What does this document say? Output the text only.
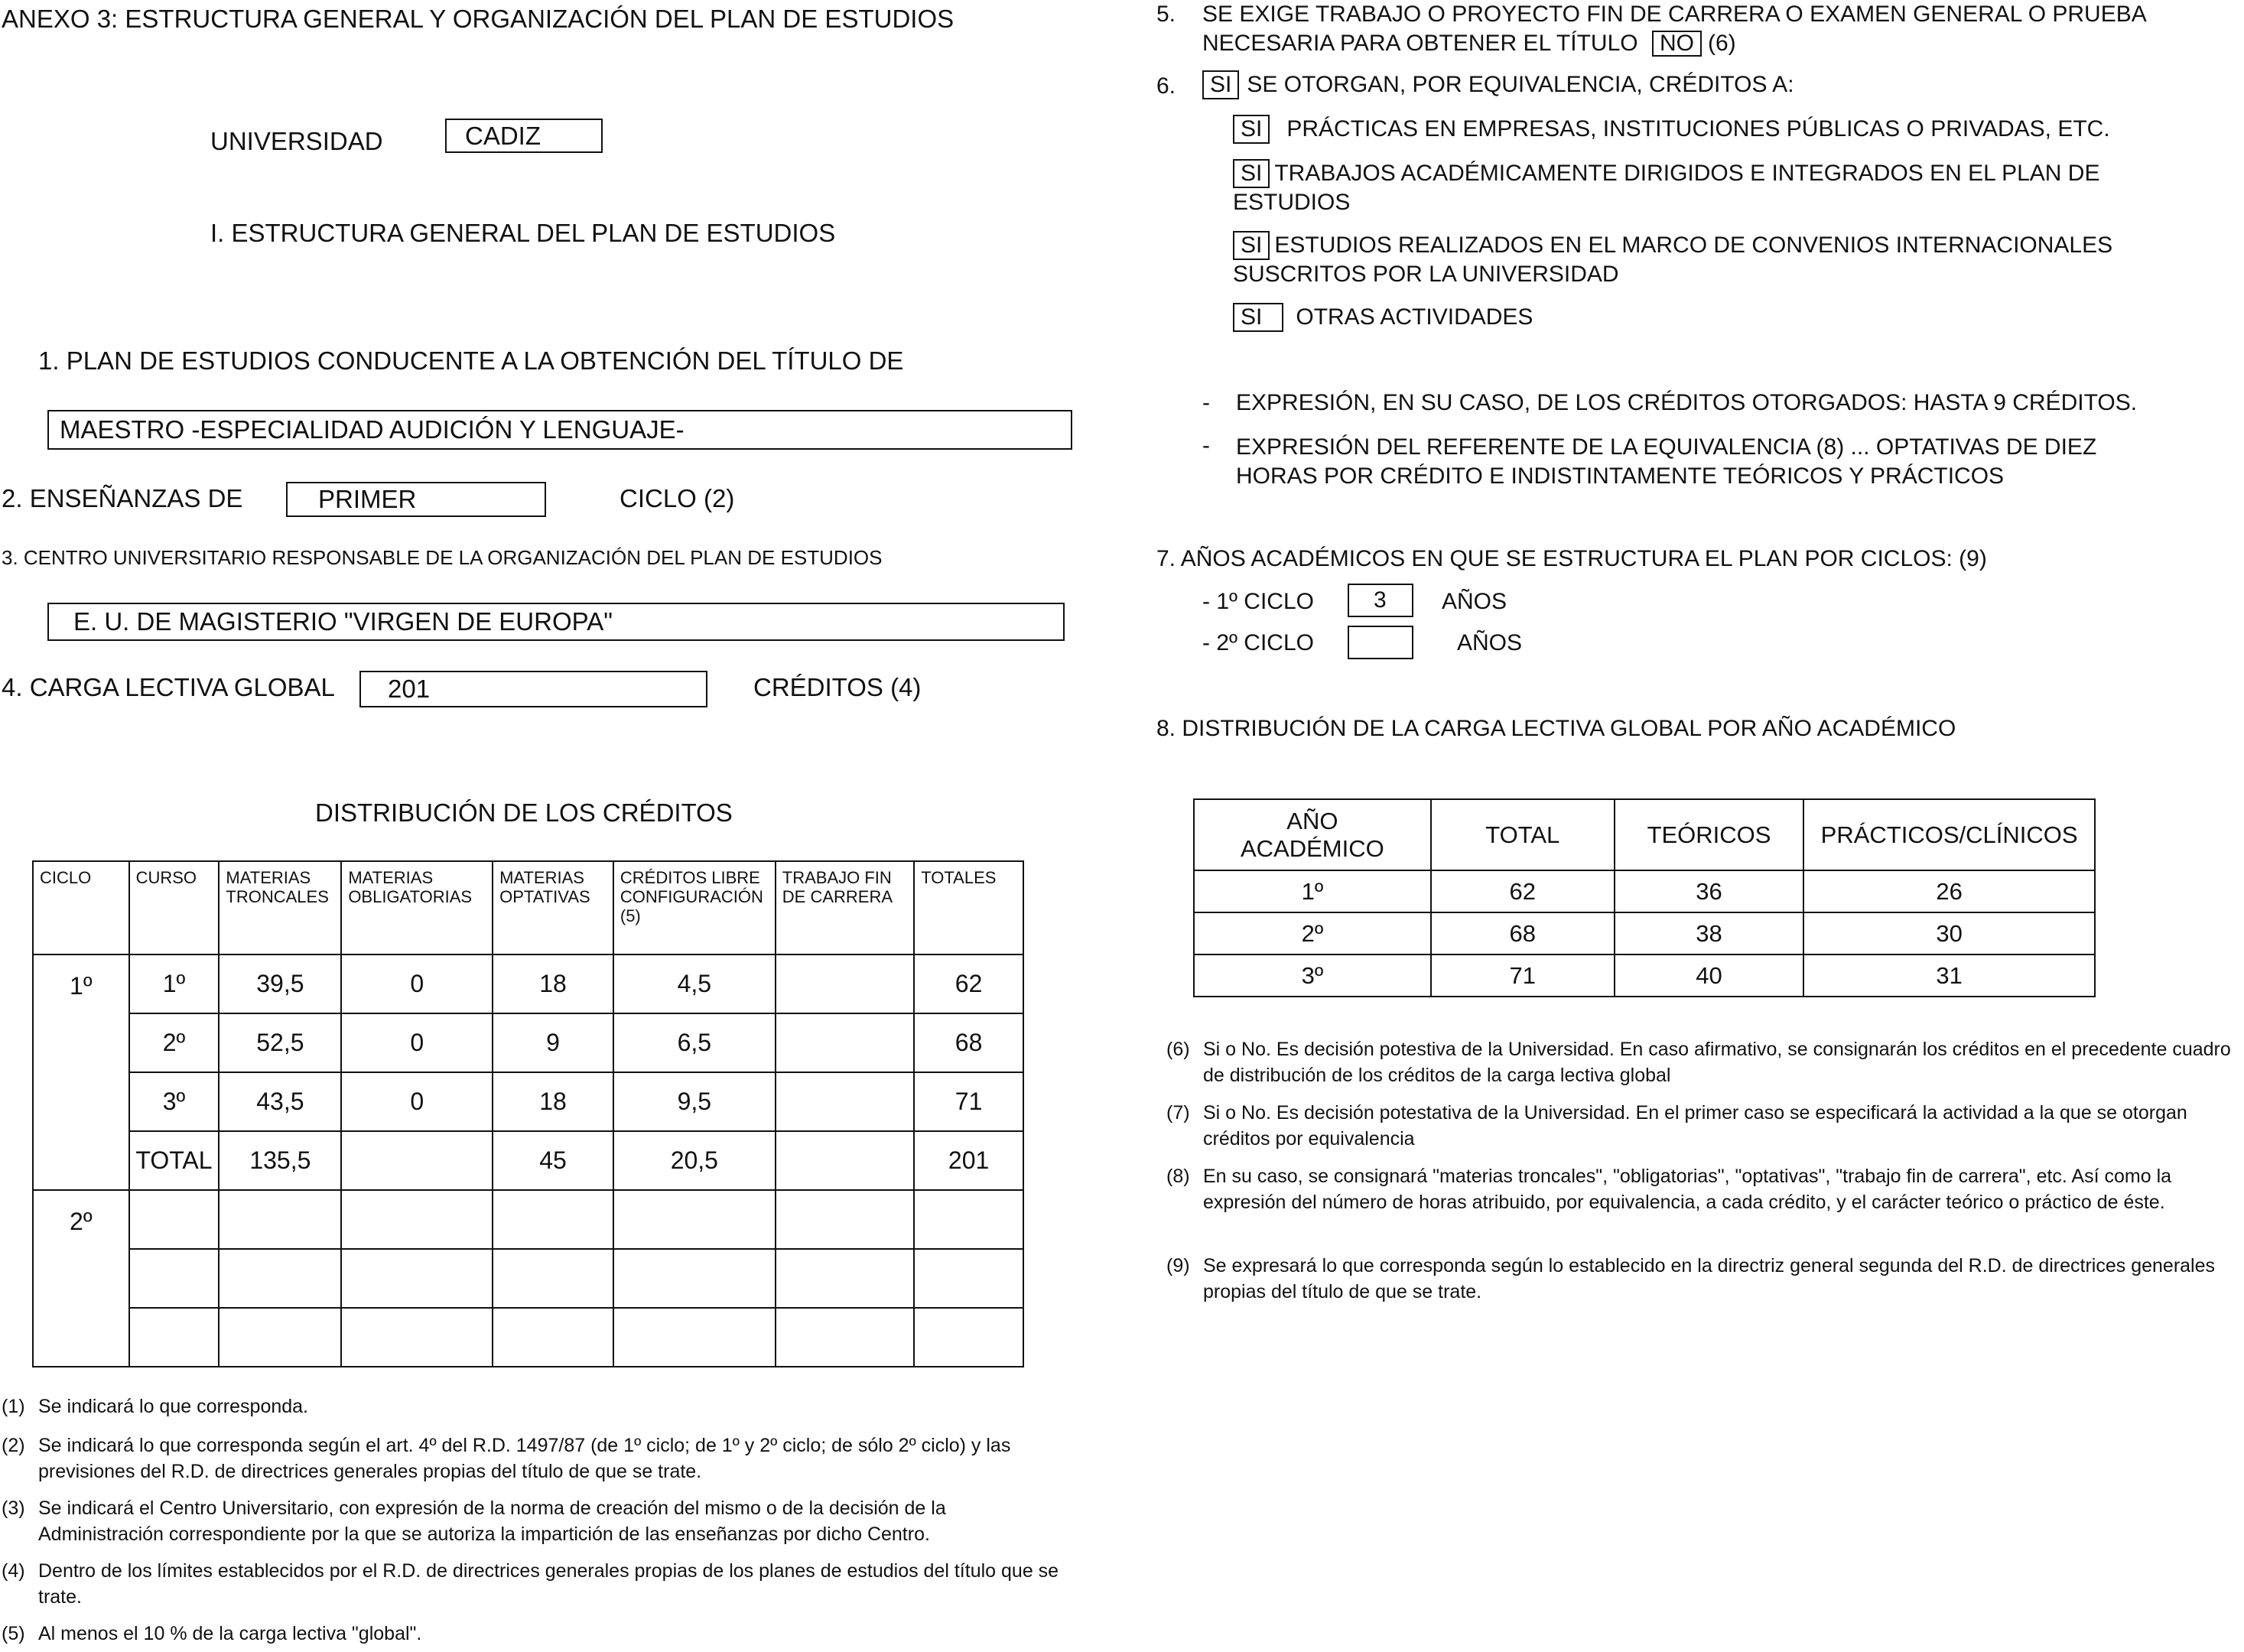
ANEXO 3: ESTRUCTURA GENERAL Y ORGANIZACIÓN DEL PLAN DE ESTUDIOS
UNIVERSIDAD	CADIZ
I. ESTRUCTURA GENERAL DEL PLAN DE ESTUDIOS
1. PLAN DE ESTUDIOS CONDUCENTE A LA OBTENCIÓN DEL TÍTULO DE
MAESTRO -ESPECIALIDAD AUDICIÓN Y LENGUAJE-
2. ENSEÑANZAS DE	PRIMER	CICLO (2)
3. CENTRO UNIVERSITARIO RESPONSABLE DE LA ORGANIZACIÓN DEL PLAN DE ESTUDIOS
E. U. DE MAGISTERIO "VIRGEN DE EUROPA"
4. CARGA LECTIVA GLOBAL 201	CRÉDITOS (4)
DISTRIBUCIÓN DE LOS CRÉDITOS
CICLO	CURSO	MATERIAS TRONCALES	MATERIAS OBLIGATORIAS	MATERIAS OPTATIVAS	CRÉDITOS LIBRE CONFIGURACIÓN (5)	TRABAJO FIN DE CARRERA	TOTALES
1º	1º	39,5	0	18	4,5		62
	2º	52,5	0	9	6,5		68
	3º	43,5	0	18	9,5		71
	TOTAL	135,5		45	20,5		201
2º							

(1) Se indicará lo que corresponda.
(2) Se indicará lo que corresponda según el art. 4º del R.D. 1497/87 (de 1º ciclo; de 1º y 2º ciclo; de sólo 2º ciclo) y las previsiones del R.D. de directrices generales propias del título de que se trate.
(3) Se indicará el Centro Universitario, con expresión de la norma de creación del mismo o de la decisión de la Administración correspondiente por la que se autoriza la impartición de las enseñanzas por dicho Centro.
(4) Dentro de los límites establecidos por el R.D. de directrices generales propias de los planes de estudios del título que se trate.
(5) Al menos el 10 % de la carga lectiva "global".
5. SE EXIGE TRABAJO O PROYECTO FIN DE CARRERA O EXAMEN GENERAL O PRUEBA
NECESARIA PARA OBTENER EL TÍTULO NO (6)
6.	SI SE OTORGAN, POR EQUIVALENCIA, CRÉDITOS A:
SI PRÁCTICAS EN EMPRESAS, INSTITUCIONES PÚBLICAS O PRIVADAS, ETC.
SI TRABAJOS ACADÉMICAMENTE DIRIGIDOS E INTEGRADOS EN EL PLAN DE ESTUDIOS
SI ESTUDIOS REALIZADOS EN EL MARCO DE CONVENIOS INTERNACIONALES SUSCRITOS POR LA UNIVERSIDAD
SI OTRAS ACTIVIDADES
- EXPRESIÓN, EN SU CASO, DE LOS CRÉDITOS OTORGADOS: HASTA 9 CRÉDITOS.
- EXPRESIÓN DEL REFERENTE DE LA EQUIVALENCIA (8) ... OPTATIVAS DE DIEZ HORAS POR CRÉDITO E INDISTINTAMENTE TEÓRICOS Y PRÁCTICOS
7. AÑOS ACADÉMICOS EN QUE SE ESTRUCTURA EL PLAN POR CICLOS: (9)
- 1º CICLO	3 AÑOS
- 2º CICLO	AÑOS
8. DISTRIBUCIÓN DE LA CARGA LECTIVA GLOBAL POR AÑO ACADÉMICO
AÑO ACADÉMICO	TOTAL	TEÓRICOS	PRÁCTICOS/CLÍNICOS
1º	62	36	26
2º	68	38	30
3º	71	40	31
(6) Si o No. Es decisión potestiva de la Universidad. En caso afirmativo, se consignarán los créditos en el precedente cuadro de distribución de los créditos de la carga lectiva global
(7) Si o No. Es decisión potestativa de la Universidad. En el primer caso se especificará la actividad a la que se otorgan créditos por equivalencia
(8) En su caso, se consignará "materias troncales", "obligatorias", "optativas", "trabajo fin de carrera", etc. Así como la expresión del número de horas atribuido, por equivalencia, a cada crédito, y el carácter teórico o práctico de éste.
(9) Se expresará lo que corresponda según lo establecido en la directriz general segunda del R.D. de directrices generales propias del título de que se trate.
